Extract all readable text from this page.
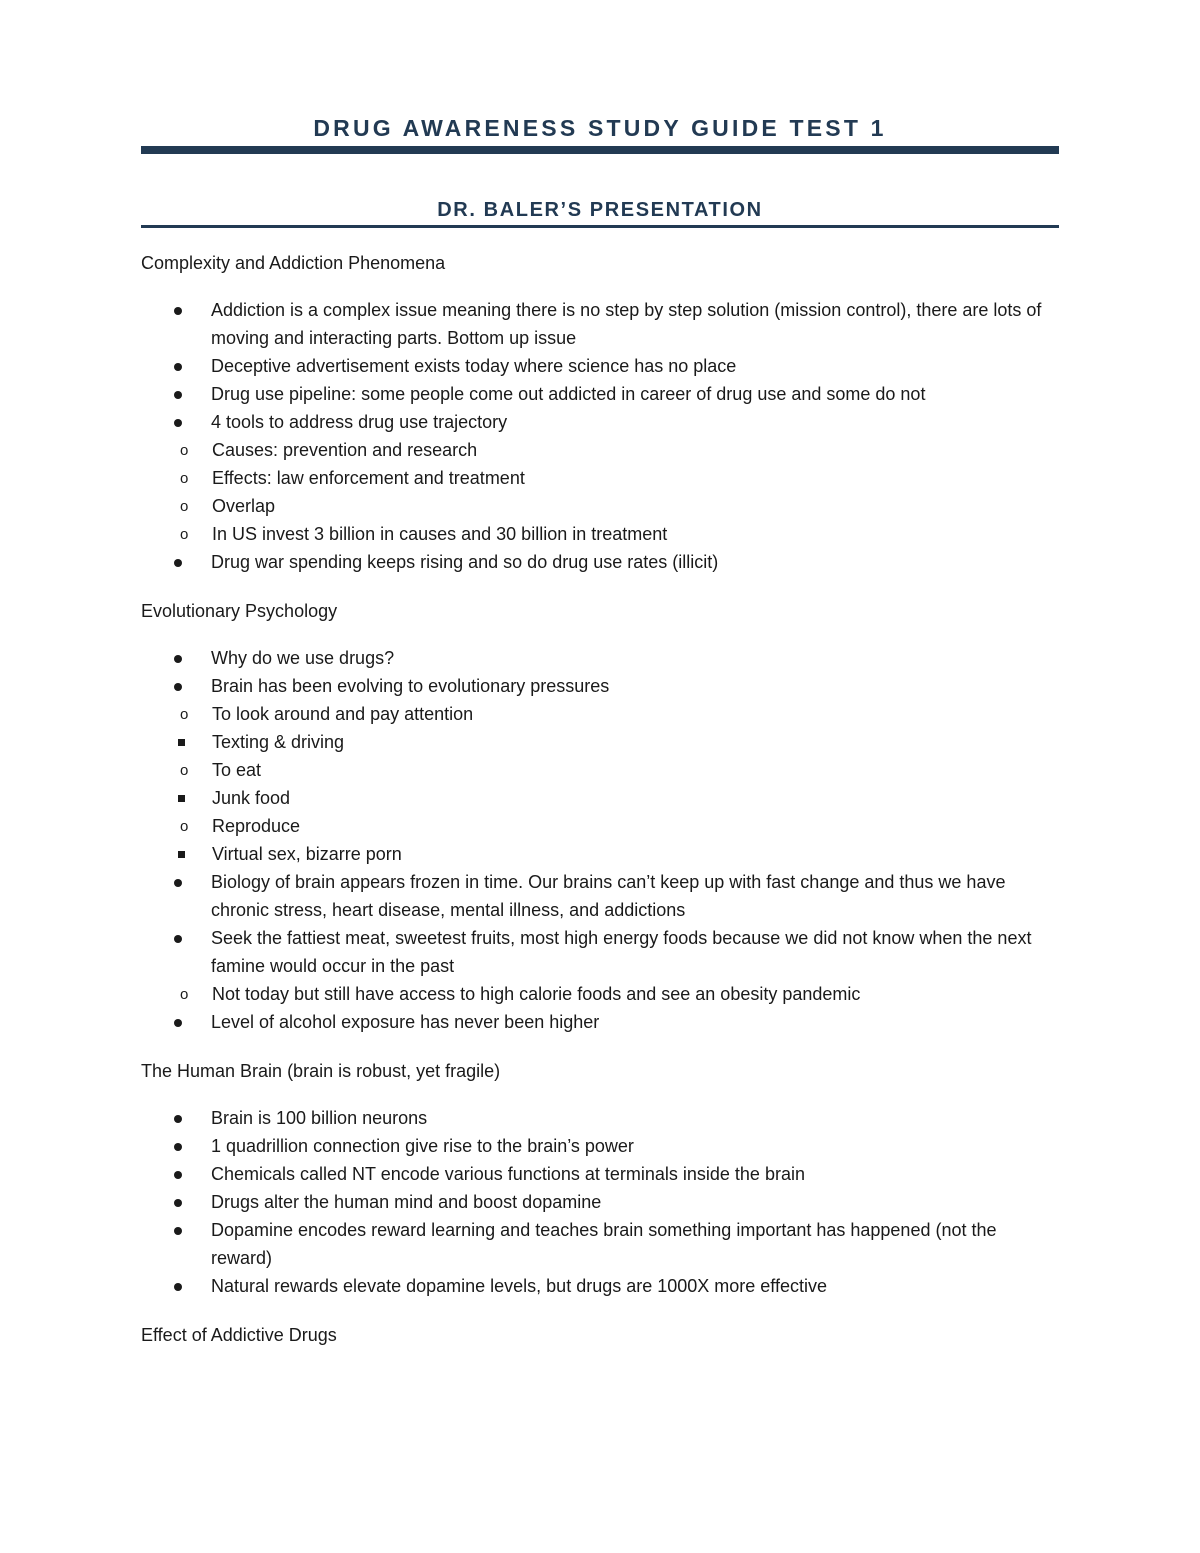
DRUG AWARENESS STUDY GUIDE TEST 1
DR. BALER’S PRESENTATION
Complexity and Addiction Phenomena
Addiction is a complex issue meaning there is no step by step solution (mission control), there are lots of moving and interacting parts. Bottom up issue
Deceptive advertisement exists today where science has no place
Drug use pipeline: some people come out addicted in career of drug use and some do not
4 tools to address drug use trajectory
o Causes: prevention and research
o Effects: law enforcement and treatment
o Overlap
o In US invest 3 billion in causes and 30 billion in treatment
Drug war spending keeps rising and so do drug use rates (illicit)
Evolutionary Psychology
Why do we use drugs?
Brain has been evolving to evolutionary pressures
o To look around and pay attention
Texting & driving
o To eat
Junk food
o Reproduce
Virtual sex, bizarre porn
Biology of brain appears frozen in time. Our brains can’t keep up with fast change and thus we have chronic stress, heart disease, mental illness, and addictions
Seek the fattiest meat, sweetest fruits, most high energy foods because we did not know when the next famine would occur in the past
o Not today but still have access to high calorie foods and see an obesity pandemic
Level of alcohol exposure has never been higher
The Human Brain (brain is robust, yet fragile)
Brain is 100 billion neurons
1 quadrillion connection give rise to the brain’s power
Chemicals called NT encode various functions at terminals inside the brain
Drugs alter the human mind and boost dopamine
Dopamine encodes reward learning and teaches brain something important has happened (not the reward)
Natural rewards elevate dopamine levels, but drugs are 1000X more effective
Effect of Addictive Drugs
